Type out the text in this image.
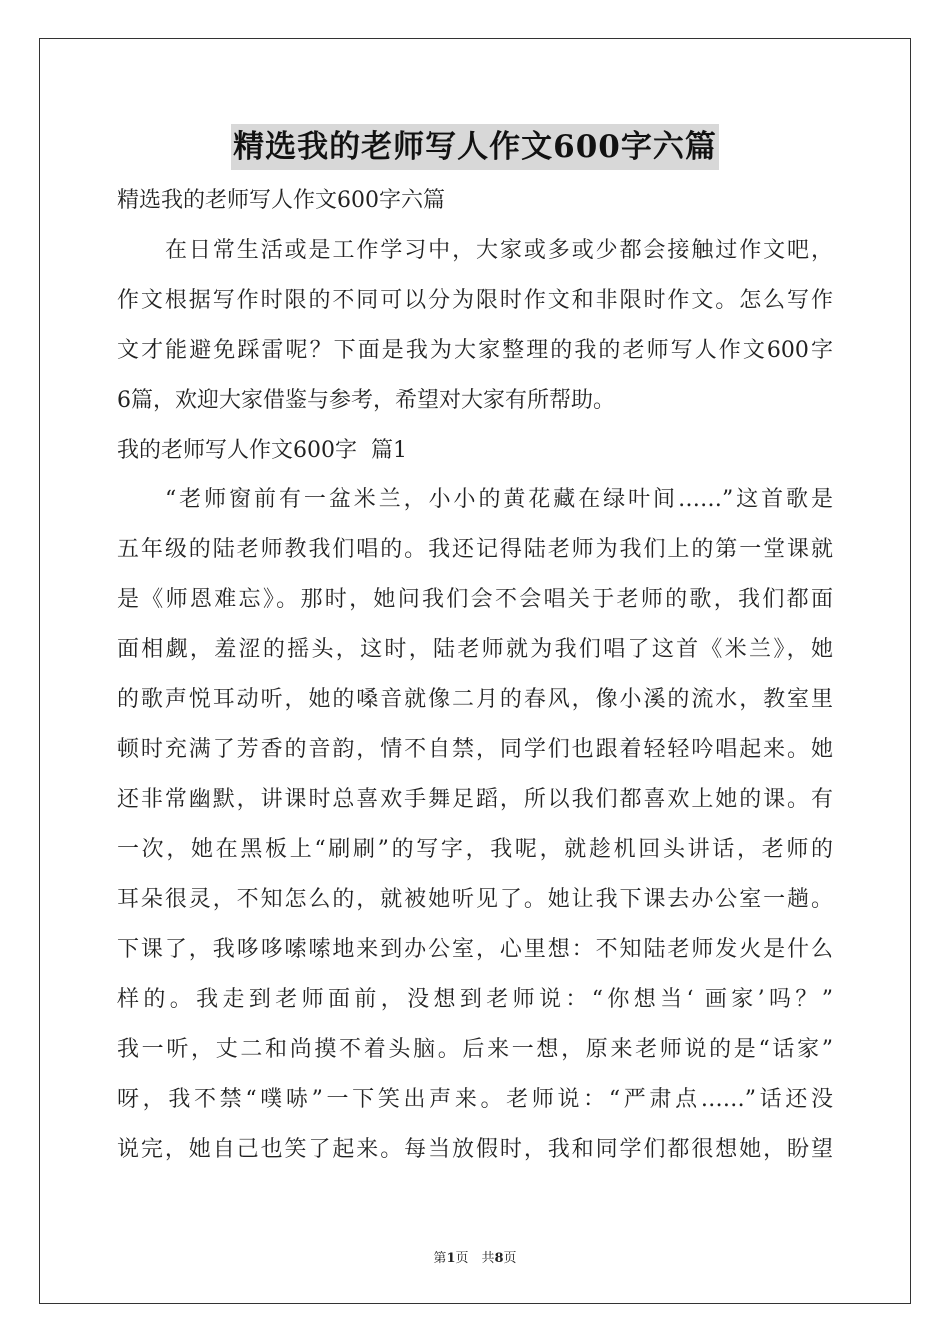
精选我的老师写人作文600字六篇
精选我的老师写人作文600字六篇
在日常生活或是工作学习中，大家或多或少都会接触过作文吧，
作文根据写作时限的不同可以分为限时作文和非限时作文。怎么写作
文才能避免踩雷呢？下面是我为大家整理的我的老师写人作文600字
6篇，欢迎大家借鉴与参考，希望对大家有所帮助。
我的老师写人作文600字  篇1
“老师窗前有一盆米兰，小小的黄花藏在绿叶间……”这首歌是
五年级的陆老师教我们唱的。我还记得陆老师为我们上的第一堂课就
是《师恩难忘》。那时，她问我们会不会唱关于老师的歌，我们都面
面相觑，羞涩的摇头，这时，陆老师就为我们唱了这首《米兰》，她
的歌声悦耳动听，她的嗓音就像二月的春风，像小溪的流水，教室里
顿时充满了芳香的音韵，情不自禁，同学们也跟着轻轻吟唱起来。她
还非常幽默，讲课时总喜欢手舞足蹈，所以我们都喜欢上她的课。有
一次，她在黑板上“刷刷”的写字，我呢，就趁机回头讲话，老师的
耳朵很灵，不知怎么的，就被她听见了。她让我下课去办公室一趟。
下课了，我哆哆嗦嗦地来到办公室，心里想：不知陆老师发火是什么
样的。我走到老师面前，没想到老师说：“你想当‘ 画家’吗？”
我一听，丈二和尚摸不着头脑。后来一想，原来老师说的是“话家”
呀，我不禁“噗哧”一下笑出声来。老师说：“严肃点……”话还没
说完，她自己也笑了起来。每当放假时，我和同学们都很想她，盼望
第1页　共8页
